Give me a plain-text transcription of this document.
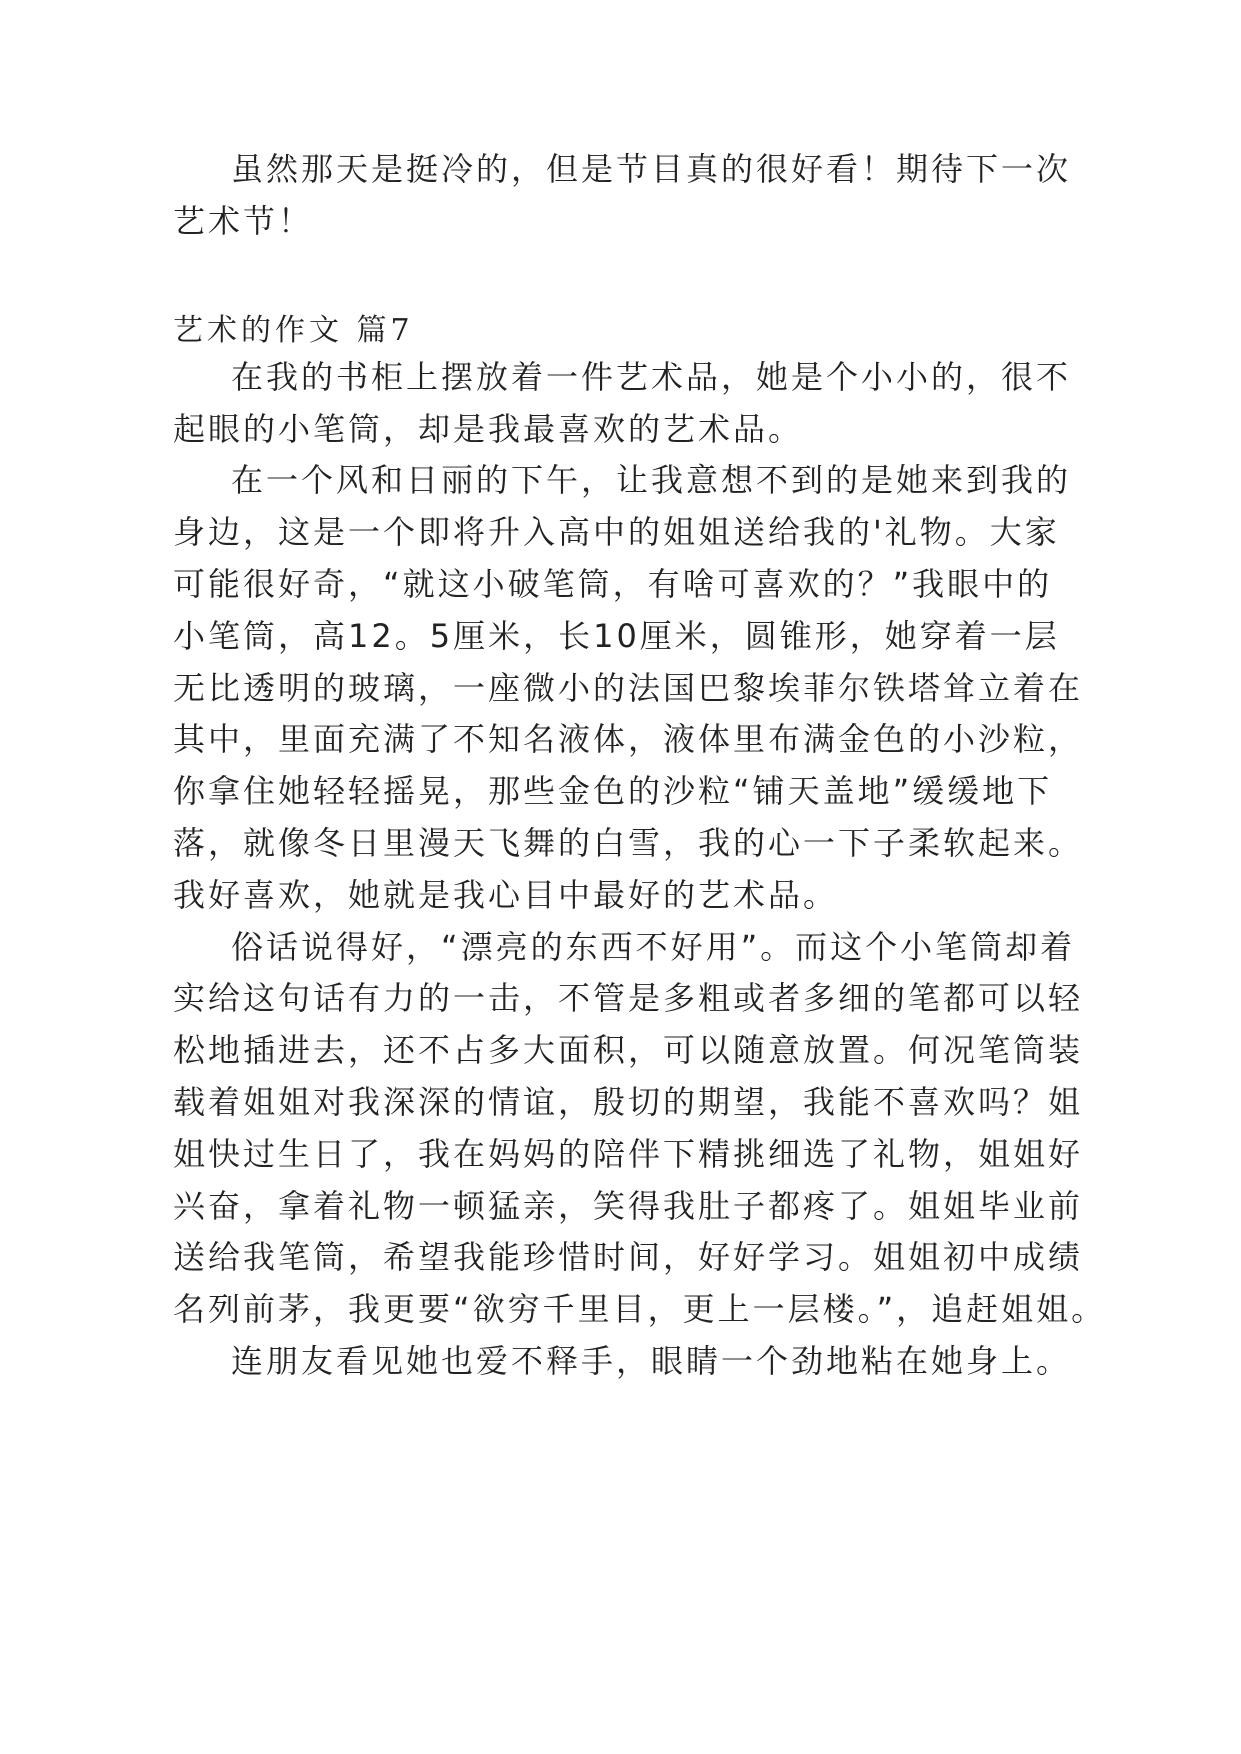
虽然那天是挺冷的，但是节目真的很好看！期待下一次
艺术节！
艺术的作文 篇7
在我的书柜上摆放着一件艺术品，她是个小小的，很不
起眼的小笔筒，却是我最喜欢的艺术品。
在一个风和日丽的下午，让我意想不到的是她来到我的
身边，这是一个即将升入高中的姐姐送给我的'礼物。大家
可能很好奇，“就这小破笔筒，有啥可喜欢的？”我眼中的
小笔筒，高12。5厘米，长10厘米，圆锥形，她穿着一层
无比透明的玻璃，一座微小的法国巴黎埃菲尔铁塔耸立着在
其中，里面充满了不知名液体，液体里布满金色的小沙粒，
你拿住她轻轻摇晃，那些金色的沙粒“铺天盖地”缓缓地下
落，就像冬日里漫天飞舞的白雪，我的心一下子柔软起来。
我好喜欢，她就是我心目中最好的艺术品。
俗话说得好，“漂亮的东西不好用”。而这个小笔筒却着
实给这句话有力的一击，不管是多粗或者多细的笔都可以轻
松地插进去，还不占多大面积，可以随意放置。何况笔筒装
载着姐姐对我深深的情谊，殷切的期望，我能不喜欢吗？姐
姐快过生日了，我在妈妈的陪伴下精挑细选了礼物，姐姐好
兴奋，拿着礼物一顿猛亲，笑得我肚子都疼了。姐姐毕业前
送给我笔筒，希望我能珍惜时间，好好学习。姐姐初中成绩
名列前茅，我更要“欲穷千里目，更上一层楼。”，追赶姐姐。
连朋友看见她也爱不释手，眼睛一个劲地粘在她身上。
